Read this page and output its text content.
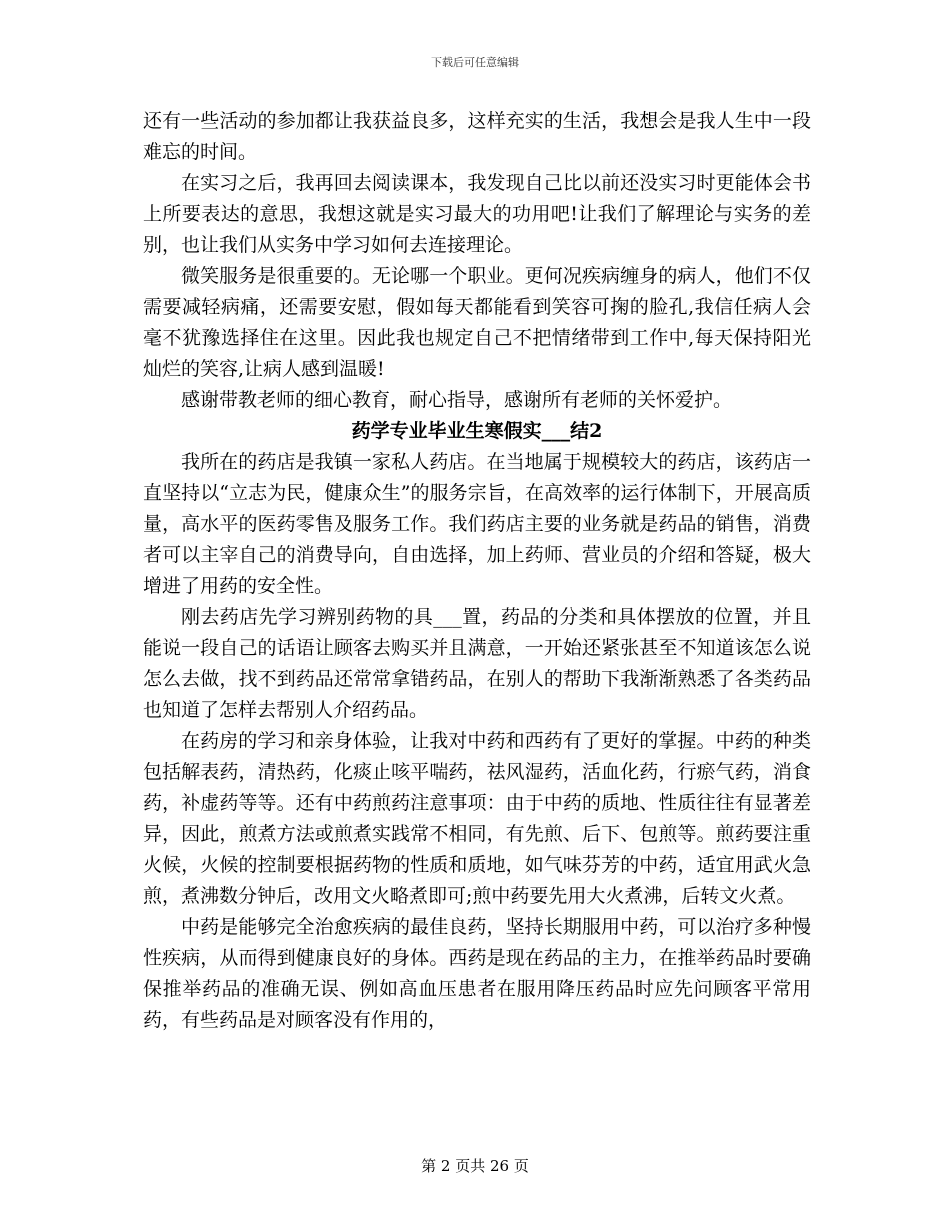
下载后可任意编辑

还有一些活动的参加都让我获益良多，这样充实的生活，我想会是我人生中一段难忘的时间。

在实习之后，我再回去阅读课本，我发现自己比以前还没实习时更能体会书上所要表达的意思，我想这就是实习最大的功用吧!让我们了解理论与实务的差别，也让我们从实务中学习如何去连接理论。

微笑服务是很重要的。无论哪一个职业。更何况疾病缠身的病人，他们不仅需要减轻病痛，还需要安慰，假如每天都能看到笑容可掬的脸孔,我信任病人会毫不犹豫选择住在这里。因此我也规定自己不把情绪带到工作中,每天保持阳光灿烂的笑容,让病人感到温暖!

感谢带教老师的细心教育，耐心指导，感谢所有老师的关怀爱护。

药学专业毕业生寒假实___结2

我所在的药店是我镇一家私人药店。在当地属于规模较大的药店，该药店一直坚持以“立志为民，健康众生”的服务宗旨，在高效率的运行体制下，开展高质量，高水平的医药零售及服务工作。我们药店主要的业务就是药品的销售，消费者可以主宰自己的消费导向，自由选择，加上药师、营业员的介绍和答疑，极大增进了用药的安全性。

刚去药店先学习辨别药物的具___置，药品的分类和具体摆放的位置，并且能说一段自己的话语让顾客去购买并且满意，一开始还紧张甚至不知道该怎么说怎么去做，找不到药品还常常拿错药品，在别人的帮助下我渐渐熟悉了各类药品也知道了怎样去帮别人介绍药品。

在药房的学习和亲身体验，让我对中药和西药有了更好的掌握。中药的种类包括解表药，清热药，化痰止咳平喘药，祛风湿药，活血化药，行瘀气药，消食药，补虚药等等。还有中药煎药注意事项：由于中药的质地、性质往往有显著差异，因此，煎煮方法或煎煮实践常不相同，有先煎、后下、包煎等。煎药要注重火候，火候的控制要根据药物的性质和质地，如气味芬芳的中药，适宜用武火急煎，煮沸数分钟后，改用文火略煮即可;煎中药要先用大火煮沸，后转文火煮。

中药是能够完全治愈疾病的最佳良药，坚持长期服用中药，可以治疗多种慢性疾病，从而得到健康良好的身体。西药是现在药品的主力，在推举药品时要确保推举药品的准确无误、例如高血压患者在服用降压药品时应先问顾客平常用药，有些药品是对顾客没有作用的，

第 2 页共 26 页
